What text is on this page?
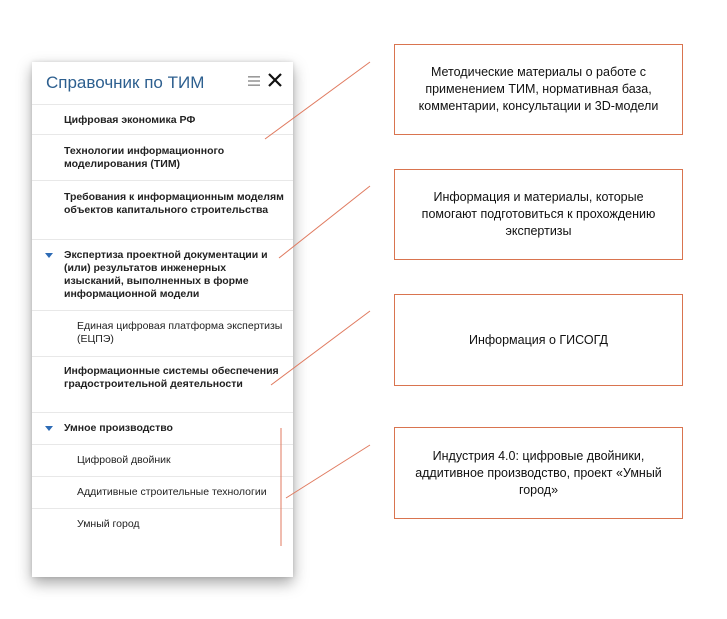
Справочник по ТИМ
Цифровая экономика РФ
Технологии информационного моделирования (ТИМ)
Требования к информационным моделям объектов капитального строительства
Экспертиза проектной документации и (или) результатов инженерных изысканий, выполненных в форме информационной модели
Единая цифровая платформа экспертизы (ЕЦПЭ)
Информационные системы обеспечения градостроительной деятельности
Умное производство
Цифровой двойник
Аддитивные строительные технологии
Умный город
Методические материалы о работе с применением ТИМ, нормативная база, комментарии, консультации и 3D-модели
Информация и материалы, которые помогают подготовиться к прохождению экспертизы
Информация о ГИСОГД
Индустрия 4.0: цифровые двойники, аддитивное производство, проект «Умный город»
